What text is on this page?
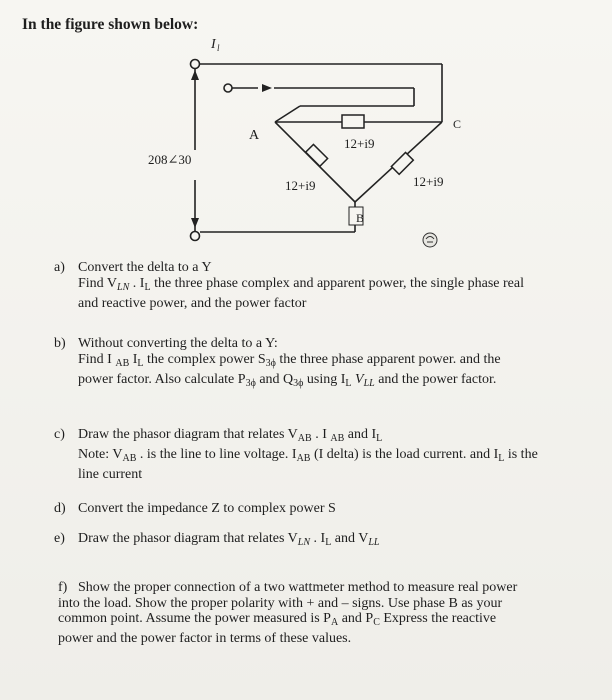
In the figure shown below:
I l
208∠30
A
B
C
12+i9
12+i9	12+i9
a) Convert the delta to a Y
Find $V_{LN}$ . $I_L$ the three phase complex and apparent power, the single phase real
and reactive power, and the power factor
b) Without converting the delta to a Y:
Find I $_{AB}$ $I_L$ the complex power $S_{3\phi}$ the three phase apparent power. and the
power factor. Also calculate $P_{3\phi}$ and $Q_{3\phi}$ using $I_L$ $V_{LL}$ and the power factor.
c) Draw the phasor diagram that relates $V_{AB}$ . I $_{AB}$ and $I_L$
Note: $V_{AB}$ . is the line to line voltage. $I_{AB}$ (I delta) is the load current. and $I_L$ is the
line current
d) Convert the impedance Z to complex power S
e) Draw the phasor diagram that relates $V_{LN}$ . $I_L$ and $V_{LL}$
f) Show the proper connection of a two wattmeter method to measure real power
into the load. Show the proper polarity with + and – signs. Use phase B as your
common point. Assume the power measured is $P_A$ and $P_C$ Express the reactive
power and the power factor in terms of these values.
